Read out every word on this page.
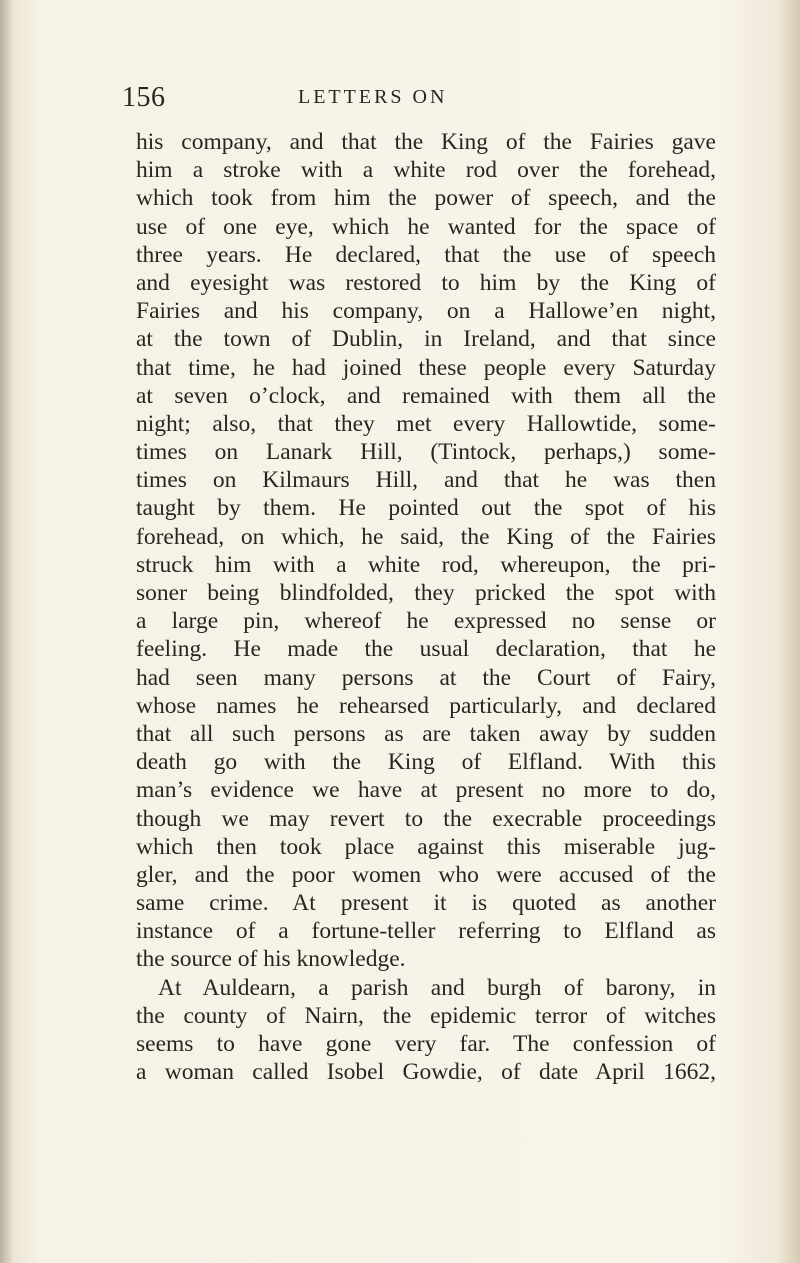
156	LETTERS ON
his company, and that the King of the Fairies gave
him a stroke with a white rod over the forehead,
which took from him the power of speech, and the
use of one eye, which he wanted for the space of
three years. He declared, that the use of speech
and eyesight was restored to him by the King of
Fairies and his company, on a Hallowe’en night,
at the town of Dublin, in Ireland, and that since
that time, he had joined these people every Saturday
at seven o’clock, and remained with them all the
night; also, that they met every Hallowtide, some-
times on Lanark Hill, (Tintock, perhaps,) some-
times on Kilmaurs Hill, and that he was then
taught by them. He pointed out the spot of his
forehead, on which, he said, the King of the Fairies
struck him with a white rod, whereupon, the pri-
soner being blindfolded, they pricked the spot with
a large pin, whereof he expressed no sense or
feeling. He made the usual declaration, that he
had seen many persons at the Court of Fairy,
whose names he rehearsed particularly, and declared
that all such persons as are taken away by sudden
death go with the King of Elfland. With this
man’s evidence we have at present no more to do,
though we may revert to the execrable proceedings
which then took place against this miserable jug-
gler, and the poor women who were accused of the
same crime. At present it is quoted as another
instance of a fortune-teller referring to Elfland as
the source of his knowledge.
At Auldearn, a parish and burgh of barony, in
the county of Nairn, the epidemic terror of witches
seems to have gone very far. The confession of
a woman called Isobel Gowdie, of date April 1662,
